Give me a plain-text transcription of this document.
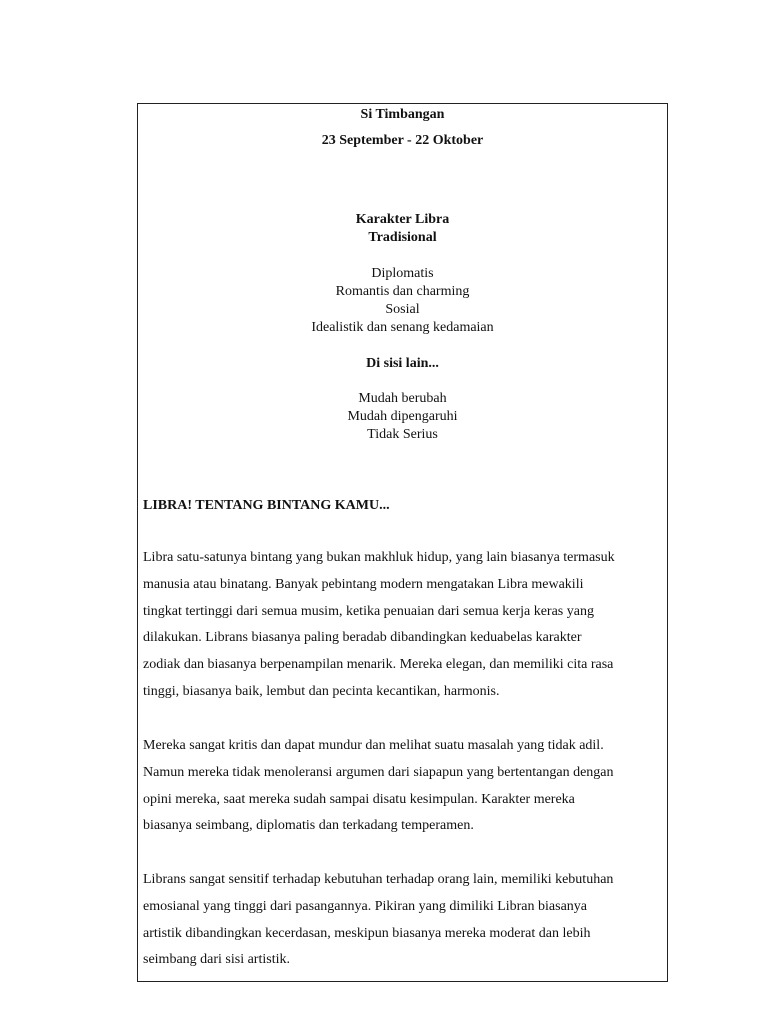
Si Timbangan
23 September - 22 Oktober
Karakter Libra
Tradisional
Diplomatis
Romantis dan charming
Sosial
Idealistik dan senang kedamaian
Di sisi lain...
Mudah berubah
Mudah dipengaruhi
Tidak Serius
LIBRA! TENTANG BINTANG KAMU...
Libra satu-satunya bintang yang bukan makhluk hidup, yang lain biasanya termasuk
manusia atau binatang. Banyak pebintang modern mengatakan Libra mewakili
tingkat tertinggi dari semua musim, ketika penuaian dari semua kerja keras yang
dilakukan. Librans biasanya paling beradab dibandingkan keduabelas karakter
zodiak dan biasanya berpenampilan menarik. Mereka elegan, dan memiliki cita rasa
tinggi, biasanya baik, lembut dan pecinta kecantikan, harmonis.
Mereka sangat kritis dan dapat mundur dan melihat suatu masalah yang tidak adil.
Namun mereka tidak menoleransi argumen dari siapapun yang bertentangan dengan
opini mereka, saat mereka sudah sampai disatu kesimpulan. Karakter mereka
biasanya seimbang, diplomatis dan terkadang temperamen.
Librans sangat sensitif terhadap kebutuhan terhadap orang lain, memiliki kebutuhan
emosianal yang tinggi dari pasangannya. Pikiran yang dimiliki Libran biasanya
artistik dibandingkan kecerdasan, meskipun biasanya mereka moderat dan lebih
seimbang dari sisi artistik.
